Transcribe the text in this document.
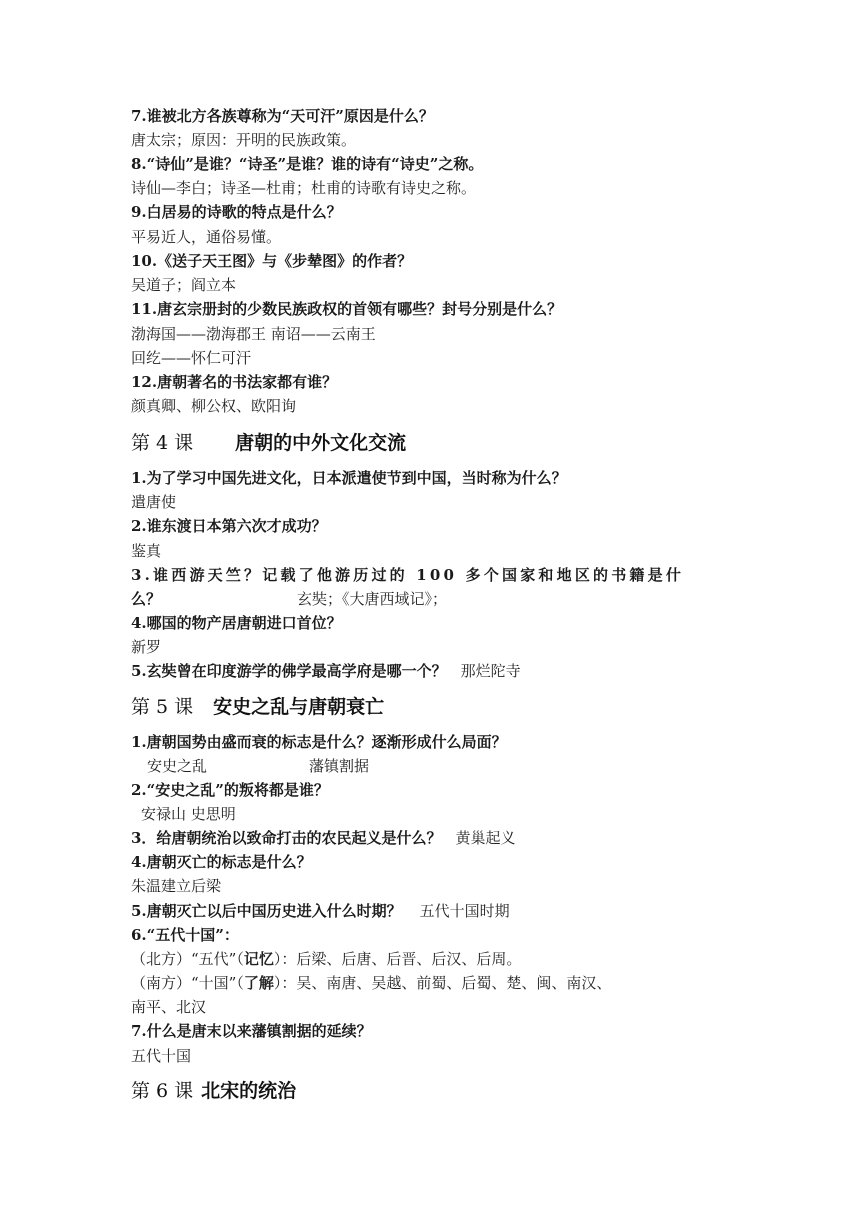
7.谁被北方各族尊称为“天可汗”原因是什么？
唐太宗；原因：开明的民族政策。
8.“诗仙”是谁？“诗圣”是谁？谁的诗有“诗史”之称。
诗仙—李白；诗圣—杜甫；杜甫的诗歌有诗史之称。
9.白居易的诗歌的特点是什么？
平易近人，通俗易懂。
10.《送子天王图》与《步辇图》的作者？
吴道子；阎立本
11.唐玄宗册封的少数民族政权的首领有哪些？封号分别是什么？
渤海国——渤海郡王 南诏——云南王
回纥——怀仁可汗
12.唐朝著名的书法家都有谁？
颜真卿、柳公权、欧阳询
第 4 课 唐朝的中外文化交流
1.为了学习中国先进文化，日本派遣使节到中国，当时称为什么？
遣唐使
2.谁东渡日本第六次才成功？
鉴真
3.谁西游天竺？记载了他游历过的 100 多个国家和地区的书籍是什
么？	玄奘；《大唐西域记》；
4.哪国的物产居唐朝进口首位？
新罗
5.玄奘曾在印度游学的佛学最高学府是哪一个？ 那烂陀寺
第 5 课 安史之乱与唐朝衰亡
1.唐朝国势由盛而衰的标志是什么？逐渐形成什么局面？
安史之乱	藩镇割据
2.“安史之乱”的叛将都是谁？
安禄山 史思明
3．给唐朝统治以致命打击的农民起义是什么？ 黄巢起义
4.唐朝灭亡的标志是什么？
朱温建立后梁
5.唐朝灭亡以后中国历史进入什么时期？ 五代十国时期
6.“五代十国”：
（北方）“五代”（记忆）：后梁、后唐、后晋、后汉、后周。
（南方）“十国”（了解）：吴、南唐、吴越、前蜀、后蜀、楚、闽、南汉、
南平、北汉
7.什么是唐末以来藩镇割据的延续？
五代十国
第 6 课 北宋的统治
